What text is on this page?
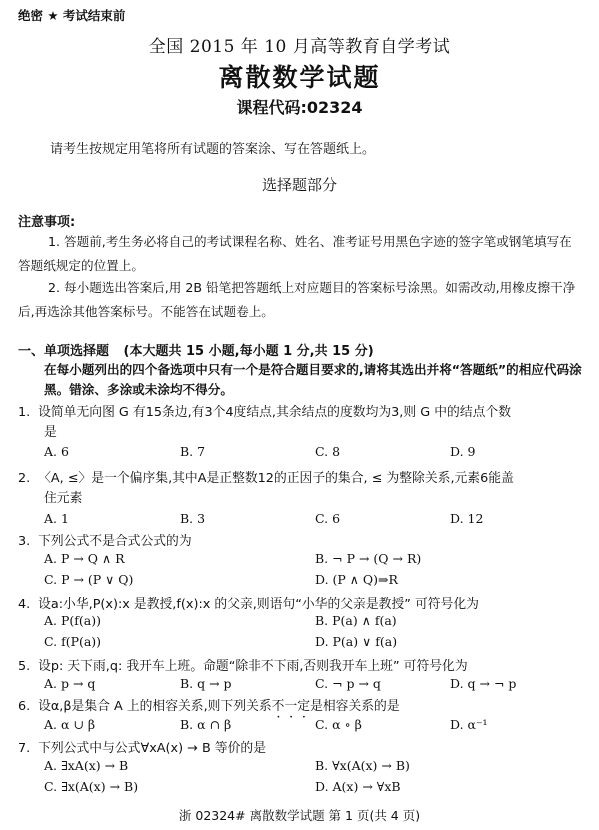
绝密 ★ 考试结束前
全国 2015 年 10 月高等教育自学考试
离散数学试题
课程代码:02324
请考生按规定用笔将所有试题的答案涂、写在答题纸上。
选择题部分
注意事项:
1. 答题前,考生务必将自己的考试课程名称、姓名、准考证号用黑色字迹的签字笔或钢笔填写在答题纸规定的位置上。
2. 每小题选出答案后,用 2B 铅笔把答题纸上对应题目的答案标号涂黑。如需改动,用橡皮擦干净后,再选涂其他答案标号。不能答在试题卷上。
一、单项选择题 (本大题共 15 小题,每小题 1 分,共 15 分)
在每小题列出的四个备选项中只有一个是符合题目要求的,请将其选出并将“答题纸”的相应代码涂黑。错涂、多涂或未涂均不得分。
1. 设简单无向图 G 有15条边,有3个4度结点,其余结点的度数均为3,则 G 中的结点个数
是
A. 6	B. 7	C. 8	D. 9
2. 〈A, ≤〉是一个偏序集,其中A是正整数12的正因子的集合, ≤ 为整除关系,元素6能盖
住元素
A. 1	B. 3	C. 6	D. 12
3. 下列公式不是合式公式的为
A. P → Q ∧ R	B. ¬ P → (Q → R)
C. P → (P ∨ Q)	D. (P ∧ Q)⇒R
4. 设a:小华,P(x):x 是教授,f(x):x 的父亲,则语句“小华的父亲是教授” 可符号化为
A. P(f(a))	B. P(a) ∧ f(a)
C. f(P(a))	D. P(a) ∨ f(a)
5. 设p: 天下雨,q: 我开车上班。命题“除非不下雨,否则我开车上班” 可符号化为
A. p → q	B. q → p	C. ¬ p → q	D. q → ¬ p
6. 设α,β是集合 A 上的相容关系,则下列关系不一定是相容关系的是
A. α ∪ β	B. α ∩ β	C. α ∘ β	D. α⁻¹
7. 下列公式中与公式∀xA(x) → B 等价的是
A. ∃xA(x) → B	B. ∀x(A(x) → B)
C. ∃x(A(x) → B)	D. A(x) → ∀xB
浙 02324# 离散数学试题 第 1 页(共 4 页)
